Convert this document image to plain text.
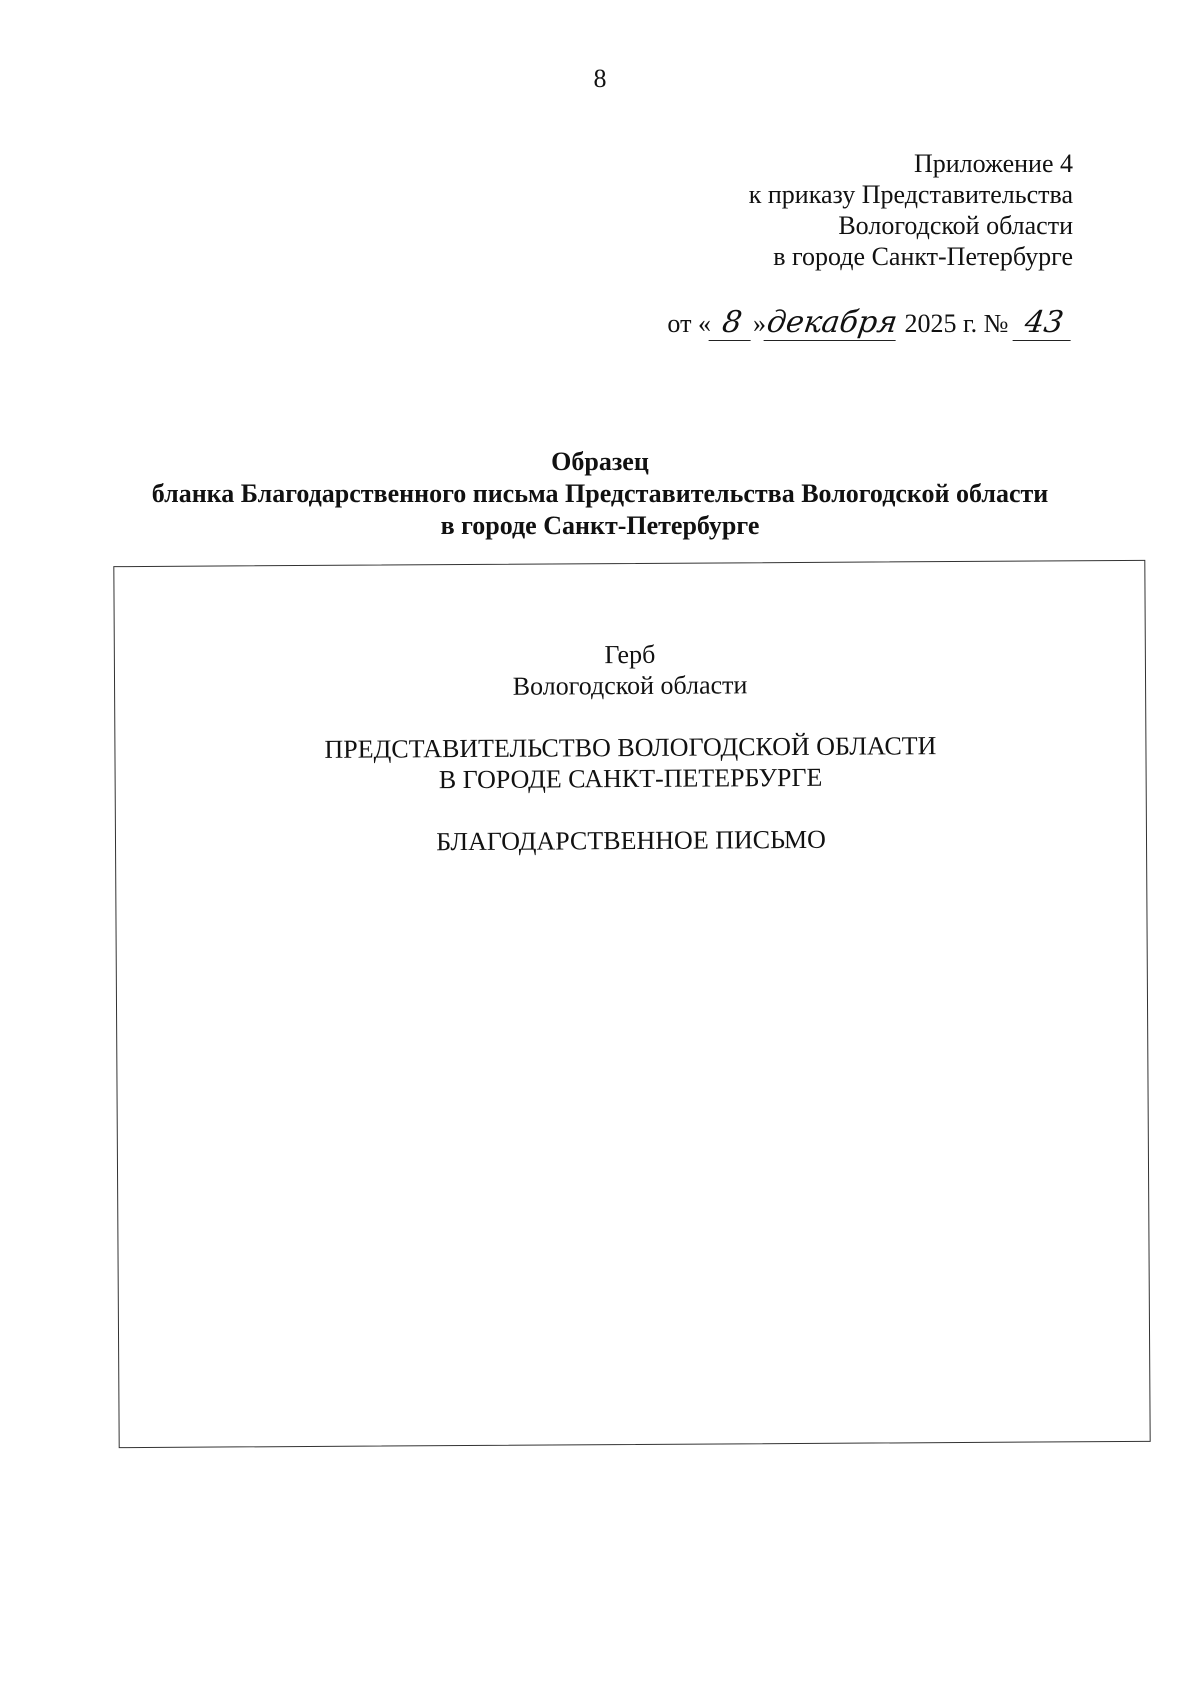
8
Приложение 4
к приказу Представительства
Вологодской области
в городе Санкт-Петербурге
от « 8 »декабря 2025 г. № 43
Образец
бланка Благодарственного письма Представительства Вологодской области
в городе Санкт-Петербурге
Герб
Вологодской области
ПРЕДСТАВИТЕЛЬСТВО ВОЛОГОДСКОЙ ОБЛАСТИ
В ГОРОДЕ САНКТ-ПЕТЕРБУРГЕ
БЛАГОДАРСТВЕННОЕ ПИСЬМО
